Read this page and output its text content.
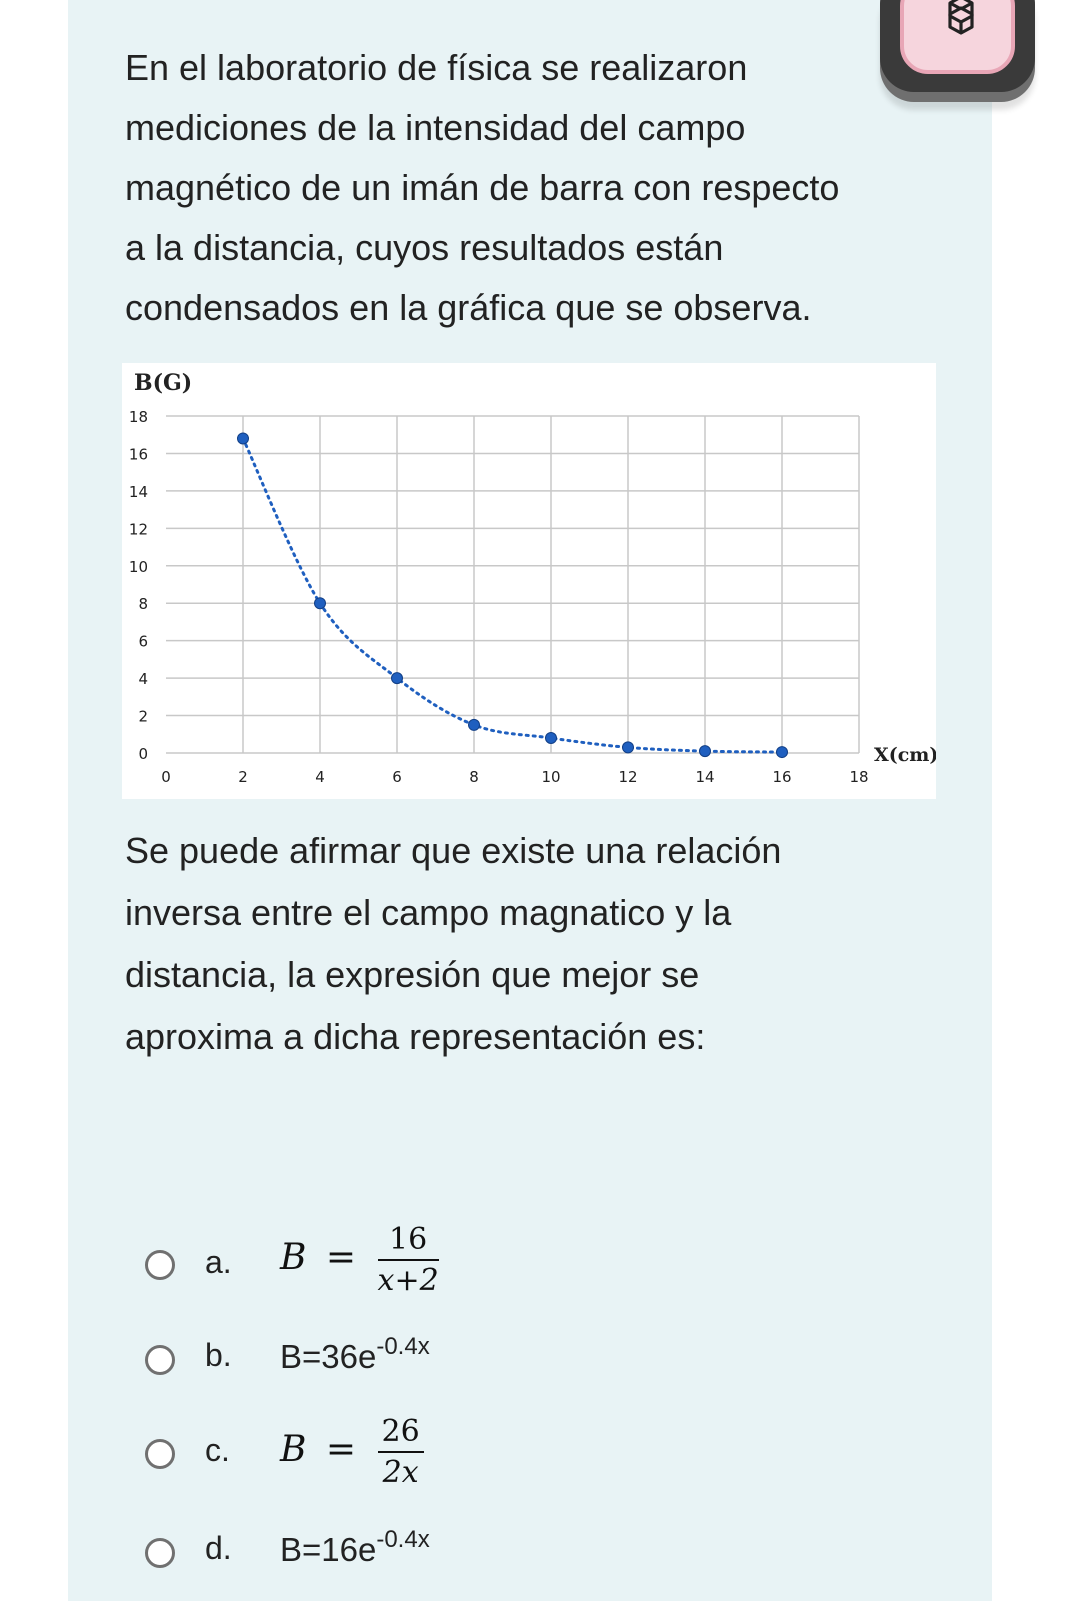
En el laboratorio de física se realizaron

mediciones de la intensidad del campo

magnético de un imán de barra con respecto

a la distancia, cuyos resultados están

condensados en la gráfica que se observa.

0
2
4
6
8
10
12
14
16
18
0	2	4	6	8	10	12	14	16	18
B(G)
X(cm)
Se puede afirmar que existe una relación
inversa entre el campo magnatico y la
distancia, la expresión que mejor se
aproxima a dicha representación es:
a. $B = \frac{16}{x+2}$
b. $B=36e^{-0.4x}$
c. $B = \frac{26}{2x}$
d. $B=16e^{-0.4x}$
